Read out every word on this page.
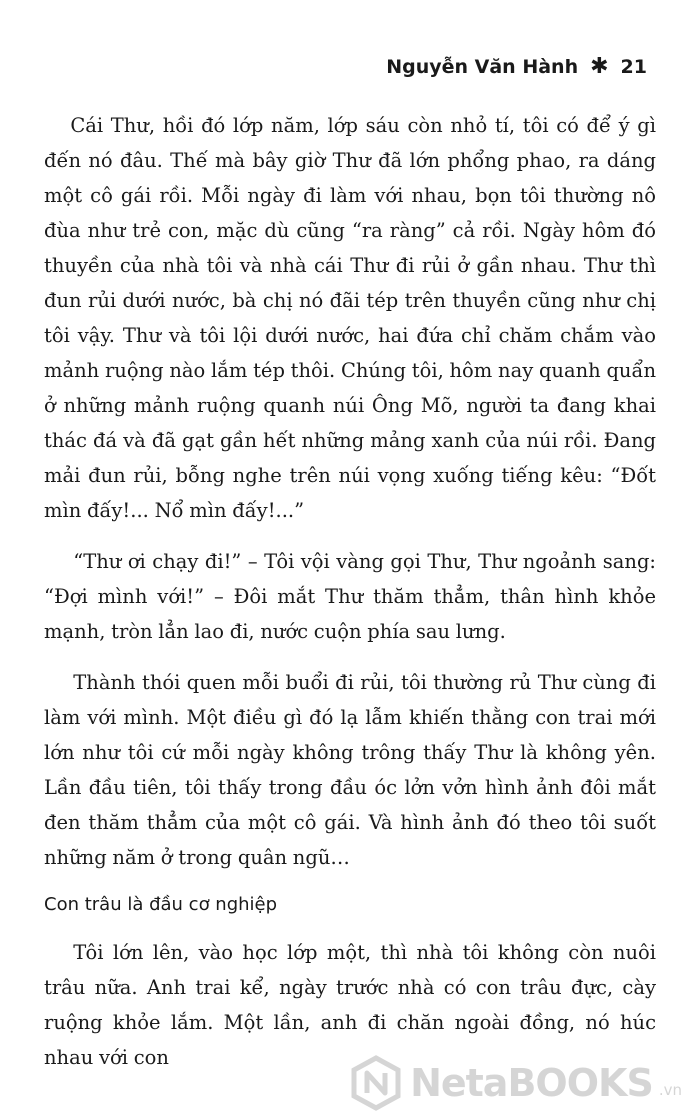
Nguyễn Văn Hành ✱ 21

Cái Thư, hồi đó lớp năm, lớp sáu còn nhỏ tí, tôi có để ý gì đến nó đâu. Thế mà bây giờ Thư đã lớn phổng phao, ra dáng một cô gái rồi. Mỗi ngày đi làm với nhau, bọn tôi thường nô đùa như trẻ con, mặc dù cũng “ra ràng” cả rồi. Ngày hôm đó thuyền của nhà tôi và nhà cái Thư đi rủi ở gần nhau. Thư thì đun rủi dưới nước, bà chị nó đãi tép trên thuyền cũng như chị tôi vậy. Thư và tôi lội dưới nước, hai đứa chỉ chăm chắm vào mảnh ruộng nào lắm tép thôi. Chúng tôi, hôm nay quanh quẩn ở những mảnh ruộng quanh núi Ông Mõ, người ta đang khai thác đá và đã gạt gần hết những mảng xanh của núi rồi. Đang mải đun rủi, bỗng nghe trên núi vọng xuống tiếng kêu: “Đốt mìn đấy!... Nổ mìn đấy!...”

“Thư ơi chạy đi!” – Tôi vội vàng gọi Thư, Thư ngoảnh sang: “Đợi mình với!” – Đôi mắt Thư thăm thẳm, thân hình khỏe mạnh, tròn lẳn lao đi, nước cuộn phía sau lưng.

Thành thói quen mỗi buổi đi rủi, tôi thường rủ Thư cùng đi làm với mình. Một điều gì đó lạ lẫm khiến thằng con trai mới lớn như tôi cứ mỗi ngày không trông thấy Thư là không yên. Lần đầu tiên, tôi thấy trong đầu óc lởn vởn hình ảnh đôi mắt đen thăm thẳm của một cô gái. Và hình ảnh đó theo tôi suốt những năm ở trong quân ngũ…

Con trâu là đầu cơ nghiệp

Tôi lớn lên, vào học lớp một, thì nhà tôi không còn nuôi trâu nữa. Anh trai kể, ngày trước nhà có con trâu đực, cày ruộng khỏe lắm. Một lần, anh đi chăn ngoài đồng, nó húc nhau với con

NetaBOOKS .vn
